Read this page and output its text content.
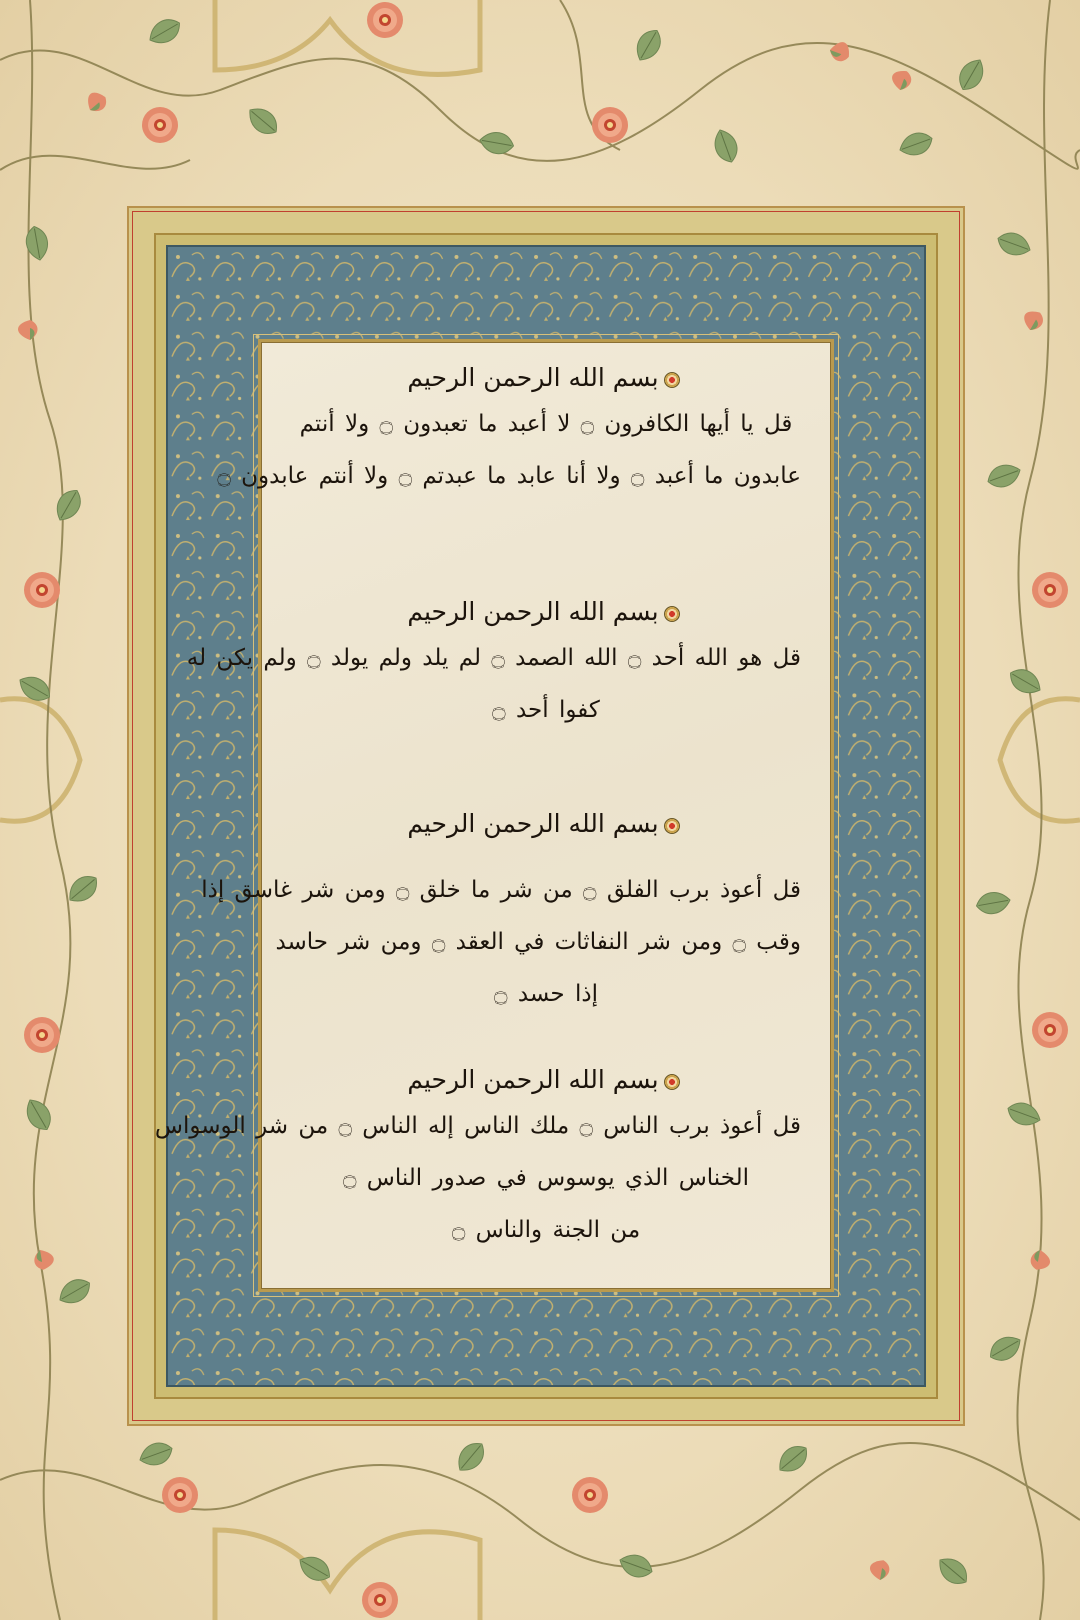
بسم الله الرحمن الرحيم
قل يا أيها الكافرون ۝ لا أعبد ما تعبدون ۝ ولا أنتم
عابدون ما أعبد ۝ ولا أنا عابد ما عبدتم ۝ ولا أنتم عابدون ۝
بسم الله الرحمن الرحيم
قل هو الله أحد ۝ الله الصمد ۝ لم يلد ولم يولد ۝ ولم يكن له
كفوا أحد ۝
بسم الله الرحمن الرحيم
قل أعوذ برب الفلق ۝ من شر ما خلق ۝ ومن شر غاسق إذا
وقب ۝ ومن شر النفاثات في العقد ۝ ومن شر حاسد
إذا حسد ۝
بسم الله الرحمن الرحيم
قل أعوذ برب الناس ۝ ملك الناس إله الناس ۝ من شر الوسواس
الخناس الذي يوسوس في صدور الناس ۝
من الجنة والناس ۝
